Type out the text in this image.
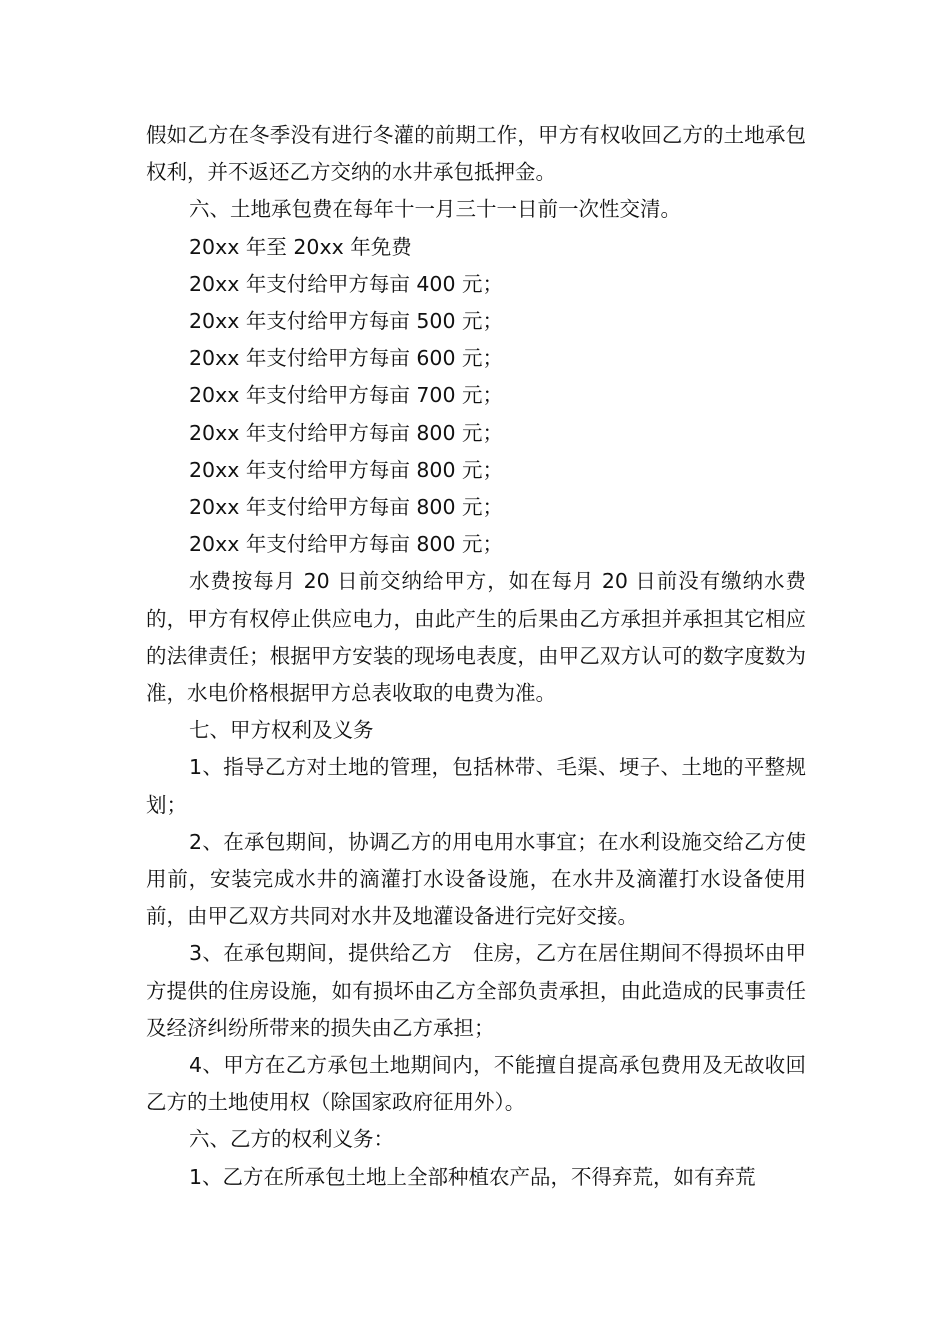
假如乙方在冬季没有进行冬灌的前期工作，甲方有权收回乙方的土地承包权利，并不返还乙方交纳的水井承包抵押金。

六、土地承包费在每年十一月三十一日前一次性交清。

20xx 年至 20xx 年免费

20xx 年支付给甲方每亩 400 元；

20xx 年支付给甲方每亩 500 元；

20xx 年支付给甲方每亩 600 元；

20xx 年支付给甲方每亩 700 元；

20xx 年支付给甲方每亩 800 元；

20xx 年支付给甲方每亩 800 元；

20xx 年支付给甲方每亩 800 元；

20xx 年支付给甲方每亩 800 元；

水费按每月 20 日前交纳给甲方，如在每月 20 日前没有缴纳水费的，甲方有权停止供应电力，由此产生的后果由乙方承担并承担其它相应的法律责任；根据甲方安装的现场电表度，由甲乙双方认可的数字度数为准，水电价格根据甲方总表收取的电费为准。

七、甲方权利及义务

1、指导乙方对土地的管理，包括林带、毛渠、埂子、土地的平整规划；

2、在承包期间，协调乙方的用电用水事宜；在水利设施交给乙方使用前，安装完成水井的滴灌打水设备设施，在水井及滴灌打水设备使用前，由甲乙双方共同对水井及地灌设备进行完好交接。

3、在承包期间，提供给乙方　住房，乙方在居住期间不得损坏由甲方提供的住房设施，如有损坏由乙方全部负责承担，由此造成的民事责任及经济纠纷所带来的损失由乙方承担；

4、甲方在乙方承包土地期间内，不能擅自提高承包费用及无故收回乙方的土地使用权（除国家政府征用外）。

六、乙方的权利义务：

1、乙方在所承包土地上全部种植农产品，不得弃荒，如有弃荒
